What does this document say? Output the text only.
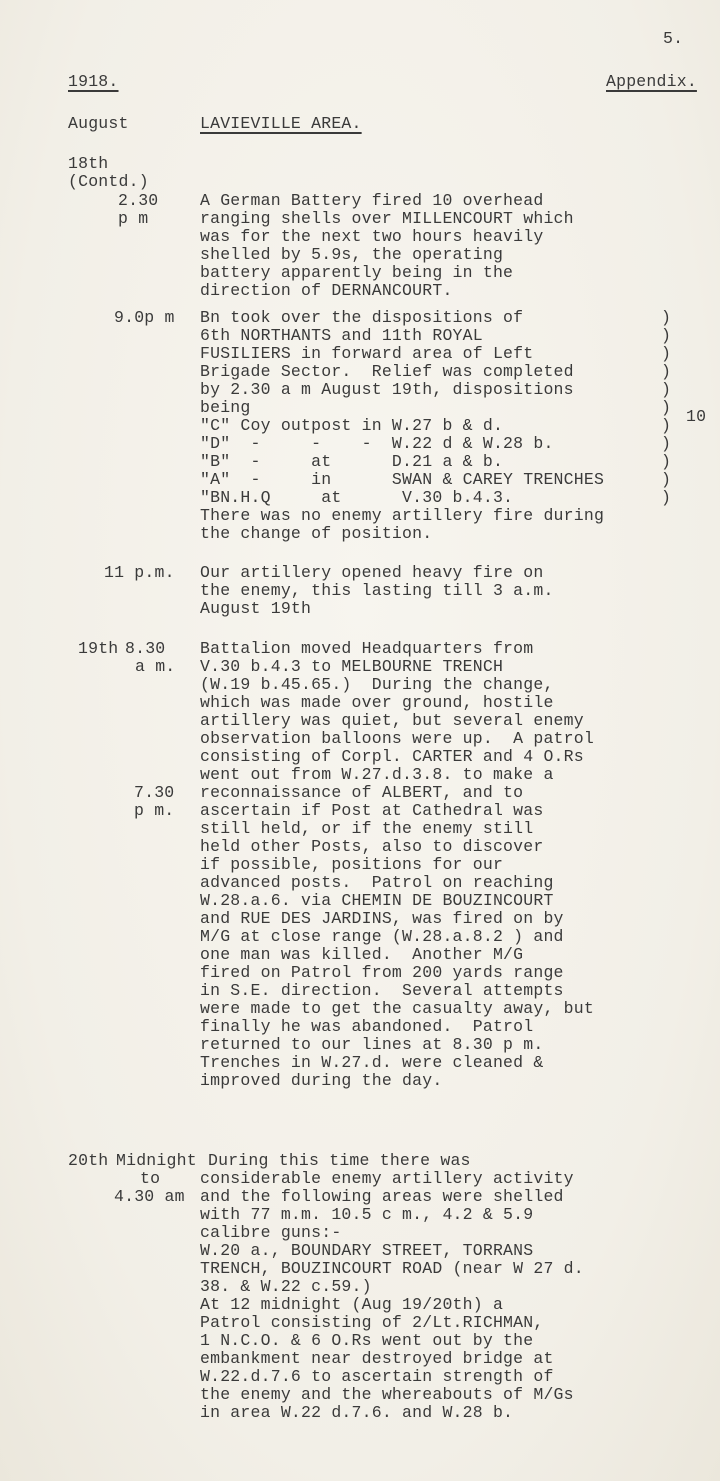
5.
1918.	Appendix.
August	LAVIEVILLE AREA.
18th
(Contd.)
2.30
p m
A German Battery fired 10 overhead
ranging shells over MILLENCOURT which
was for the next two hours heavily
shelled by 5.9s, the operating
battery apparently being in the
direction of DERNANCOURT.
9.0p m Bn took over the dispositions of
6th NORTHANTS and 11th ROYAL
FUSILIERS in forward area of Left
Brigade Sector.  Relief was completed
by 2.30 a m August 19th, dispositions
being
"C" Coy outpost in W.27 b & d.
"D"  -     -    -  W.22 d & W.28 b.
"B"  -     at      D.21 a & b.
"A"  -     in      SWAN & CAREY TRENCHES
"BN.H.Q     at      V.30 b.4.3.
There was no enemy artillery fire during
the change of position.
)
)
)
)
)
)
)
)
)
)
)
10
11 p.m. Our artillery opened heavy fire on
the enemy, this lasting till 3 a.m.
August 19th
19th 8.30
a m.
Battalion moved Headquarters from
V.30 b.4.3 to MELBOURNE TRENCH
(W.19 b.45.65.)  During the change,
which was made over ground, hostile
artillery was quiet, but several enemy
observation balloons were up.  A patrol
consisting of Corpl. CARTER and 4 O.Rs
went out from W.27.d.3.8. to make a
7.30
p m.
reconnaissance of ALBERT, and to
ascertain if Post at Cathedral was
still held, or if the enemy still
held other Posts, also to discover
if possible, positions for our
advanced posts.  Patrol on reaching
W.28.a.6. via CHEMIN DE BOUZINCOURT
and RUE DES JARDINS, was fired on by
M/G at close range (W.28.a.8.2 ) and
one man was killed.  Another M/G
fired on Patrol from 200 yards range
in S.E. direction.  Several attempts
were made to get the casualty away, but
finally he was abandoned.  Patrol
returned to our lines at 8.30 p m.
Trenches in W.27.d. were cleaned &
improved during the day.
20th Midnight
to
4.30 am
During this time there was
considerable enemy artillery activity
and the following areas were shelled
with 77 m.m. 10.5 c m., 4.2 & 5.9
calibre guns:-
W.20 a., BOUNDARY STREET, TORRANS
TRENCH, BOUZINCOURT ROAD (near W 27 d.
38. & W.22 c.59.)
At 12 midnight (Aug 19/20th) a
Patrol consisting of 2/Lt.RICHMAN,
1 N.C.O. & 6 O.Rs went out by the
embankment near destroyed bridge at
W.22.d.7.6 to ascertain strength of
the enemy and the whereabouts of M/Gs
in area W.22 d.7.6. and W.28 b.
